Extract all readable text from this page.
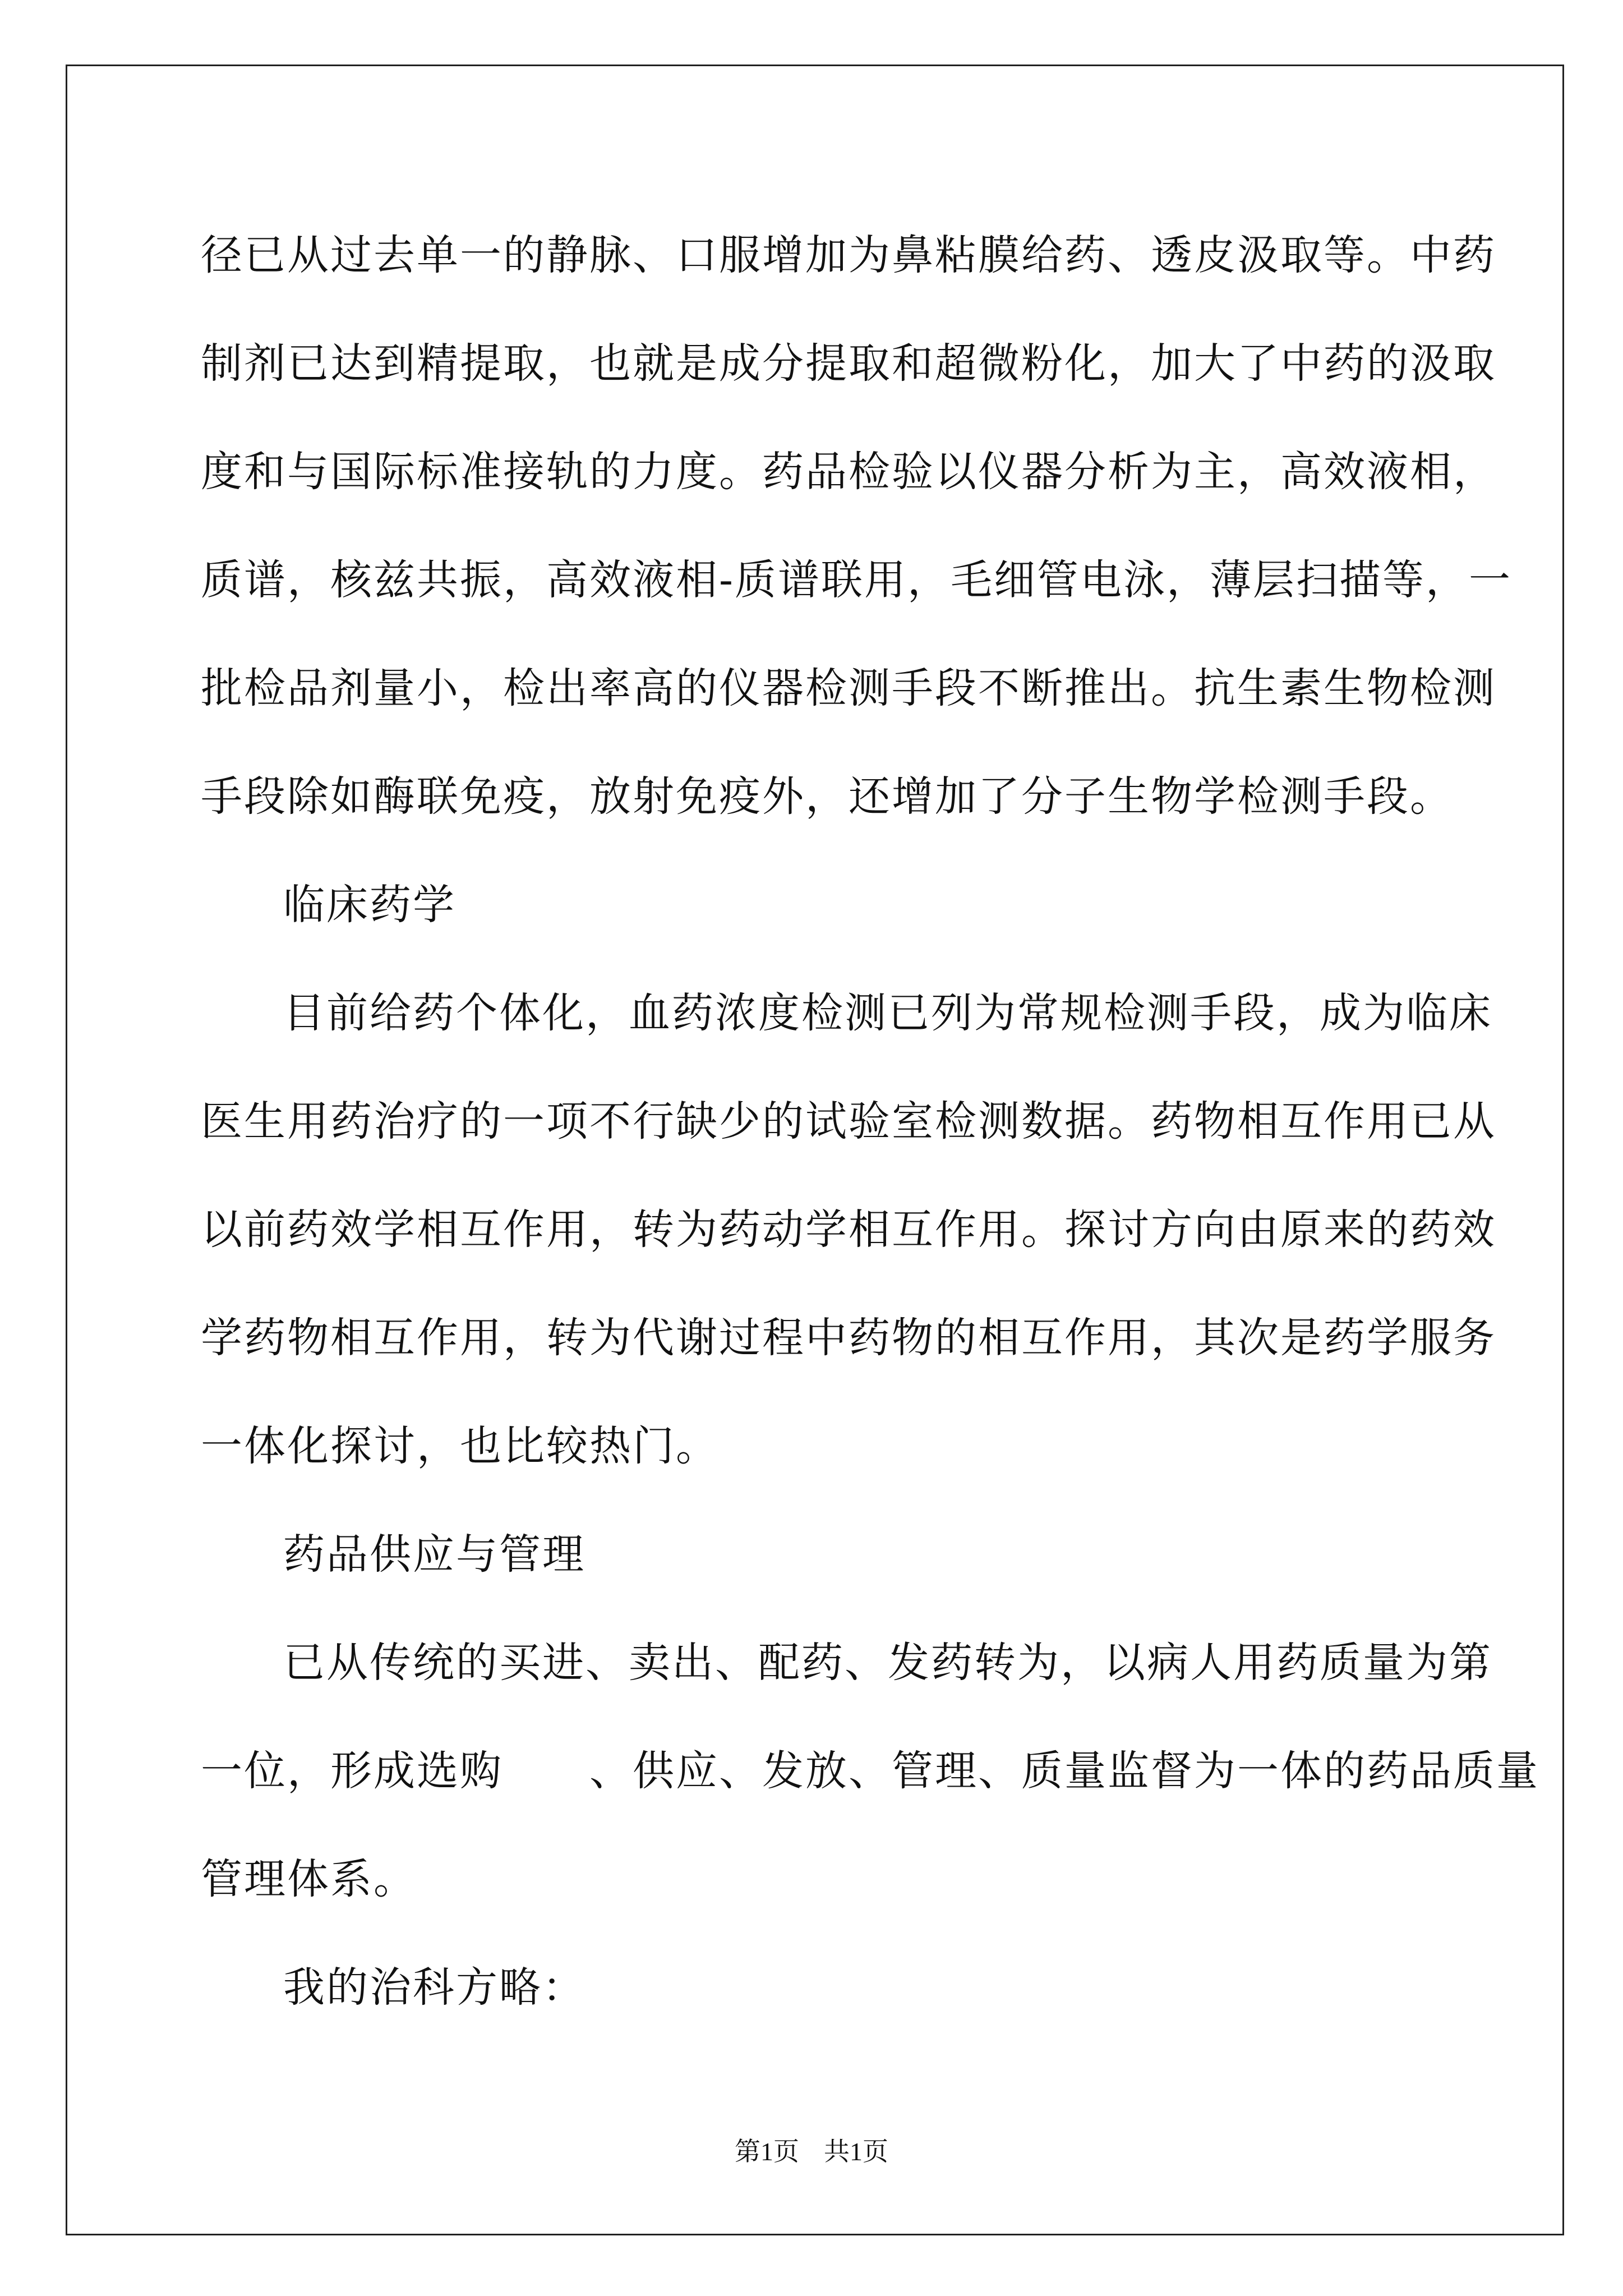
径已从过去单一的静脉、口服增加为鼻粘膜给药、透皮汲取等。中药
制剂已达到精提取，也就是成分提取和超微粉化，加大了中药的汲取
度和与国际标准接轨的力度。药品检验以仪器分析为主，高效液相，
质谱，核兹共振，高效液相-质谱联用，毛细管电泳，薄层扫描等，一
批检品剂量小，检出率高的仪器检测手段不断推出。抗生素生物检测
手段除如酶联免疫，放射免疫外，还增加了分子生物学检测手段。
临床药学
目前给药个体化，血药浓度检测已列为常规检测手段，成为临床
医生用药治疗的一项不行缺少的试验室检测数据。药物相互作用已从
以前药效学相互作用，转为药动学相互作用。探讨方向由原来的药效
学药物相互作用，转为代谢过程中药物的相互作用，其次是药学服务
一体化探讨，也比较热门。
药品供应与管理
已从传统的买进、卖出、配药、发药转为，以病人用药质量为第
一位，形成选购　　、供应、发放、管理、质量监督为一体的药品质量
管理体系。
我的治科方略：
第1页 共1页
